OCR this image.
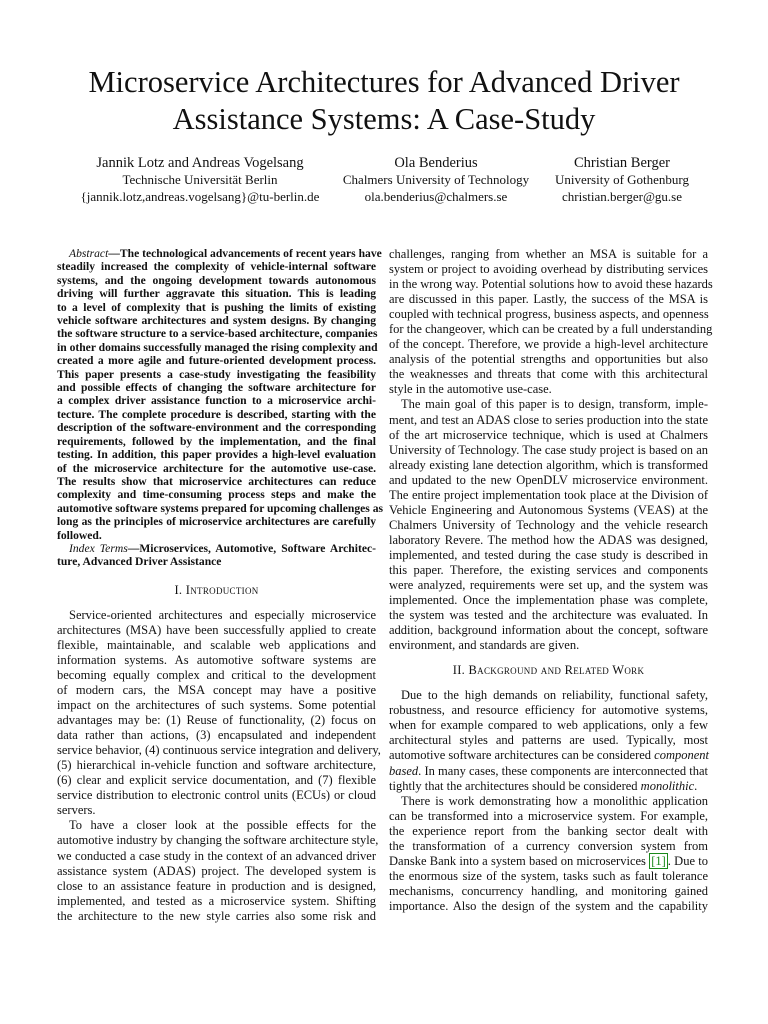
Microservice Architectures for Advanced Driver
Assistance Systems: A Case-Study
Jannik Lotz and Andreas Vogelsang
Technische Universität Berlin
{jannik.lotz,andreas.vogelsang}@tu-berlin.de
Ola Benderius
Chalmers University of Technology
ola.benderius@chalmers.se
Christian Berger
University of Gothenburg
christian.berger@gu.se
Abstract—The technological advancements of recent years have
steadily increased the complexity of vehicle-internal software
systems, and the ongoing development towards autonomous
driving will further aggravate this situation. This is leading
to a level of complexity that is pushing the limits of existing
vehicle software architectures and system designs. By changing
the software structure to a service-based architecture, companies
in other domains successfully managed the rising complexity and
created a more agile and future-oriented development process.
This paper presents a case-study investigating the feasibility
and possible effects of changing the software architecture for
a complex driver assistance function to a microservice archi-
tecture. The complete procedure is described, starting with the
description of the software-environment and the corresponding
requirements, followed by the implementation, and the final
testing. In addition, this paper provides a high-level evaluation
of the microservice architecture for the automotive use-case.
The results show that microservice architectures can reduce
complexity and time-consuming process steps and make the
automotive software systems prepared for upcoming challenges as
long as the principles of microservice architectures are carefully
followed.
Index Terms—Microservices, Automotive, Software Architec-
ture, Advanced Driver Assistance

I. Introduction

Service-oriented architectures and especially microservice
architectures (MSA) have been successfully applied to create
flexible, maintainable, and scalable web applications and
information systems. As automotive software systems are
becoming equally complex and critical to the development
of modern cars, the MSA concept may have a positive
impact on the architectures of such systems. Some potential
advantages may be: (1) Reuse of functionality, (2) focus on
data rather than actions, (3) encapsulated and independent
service behavior, (4) continuous service integration and delivery,
(5) hierarchical in-vehicle function and software architecture,
(6) clear and explicit service documentation, and (7) flexible
service distribution to electronic control units (ECUs) or cloud
servers.
To have a closer look at the possible effects for the
automotive industry by changing the software architecture style,
we conducted a case study in the context of an advanced driver
assistance system (ADAS) project. The developed system is
close to an assistance feature in production and is designed,
implemented, and tested as a microservice system. Shifting
the architecture to the new style carries also some risk and
challenges, ranging from whether an MSA is suitable for a
system or project to avoiding overhead by distributing services
in the wrong way. Potential solutions how to avoid these hazards
are discussed in this paper. Lastly, the success of the MSA is
coupled with technical progress, business aspects, and openness
for the changeover, which can be created by a full understanding
of the concept. Therefore, we provide a high-level architecture
analysis of the potential strengths and opportunities but also
the weaknesses and threats that come with this architectural
style in the automotive use-case.
The main goal of this paper is to design, transform, imple-
ment, and test an ADAS close to series production into the state
of the art microservice technique, which is used at Chalmers
University of Technology. The case study project is based on an
already existing lane detection algorithm, which is transformed
and updated to the new OpenDLV microservice environment.
The entire project implementation took place at the Division of
Vehicle Engineering and Autonomous Systems (VEAS) at the
Chalmers University of Technology and the vehicle research
laboratory Revere. The method how the ADAS was designed,
implemented, and tested during the case study is described in
this paper. Therefore, the existing services and components
were analyzed, requirements were set up, and the system was
implemented. Once the implementation phase was complete,
the system was tested and the architecture was evaluated. In
addition, background information about the concept, software
environment, and standards are given.

II. Background and Related Work

Due to the high demands on reliability, functional safety,
robustness, and resource efficiency for automotive systems,
when for example compared to web applications, only a few
architectural styles and patterns are used. Typically, most
automotive software architectures can be considered component
based. In many cases, these components are interconnected that
tightly that the architectures should be considered monolithic.
There is work demonstrating how a monolithic application
can be transformed into a microservice system. For example,
the experience report from the banking sector dealt with
the transformation of a currency conversion system from
Danske Bank into a system based on microservices [1] . Due to
the enormous size of the system, tasks such as fault tolerance
mechanisms, concurrency handling, and monitoring gained
importance. Also the design of the system and the capability
